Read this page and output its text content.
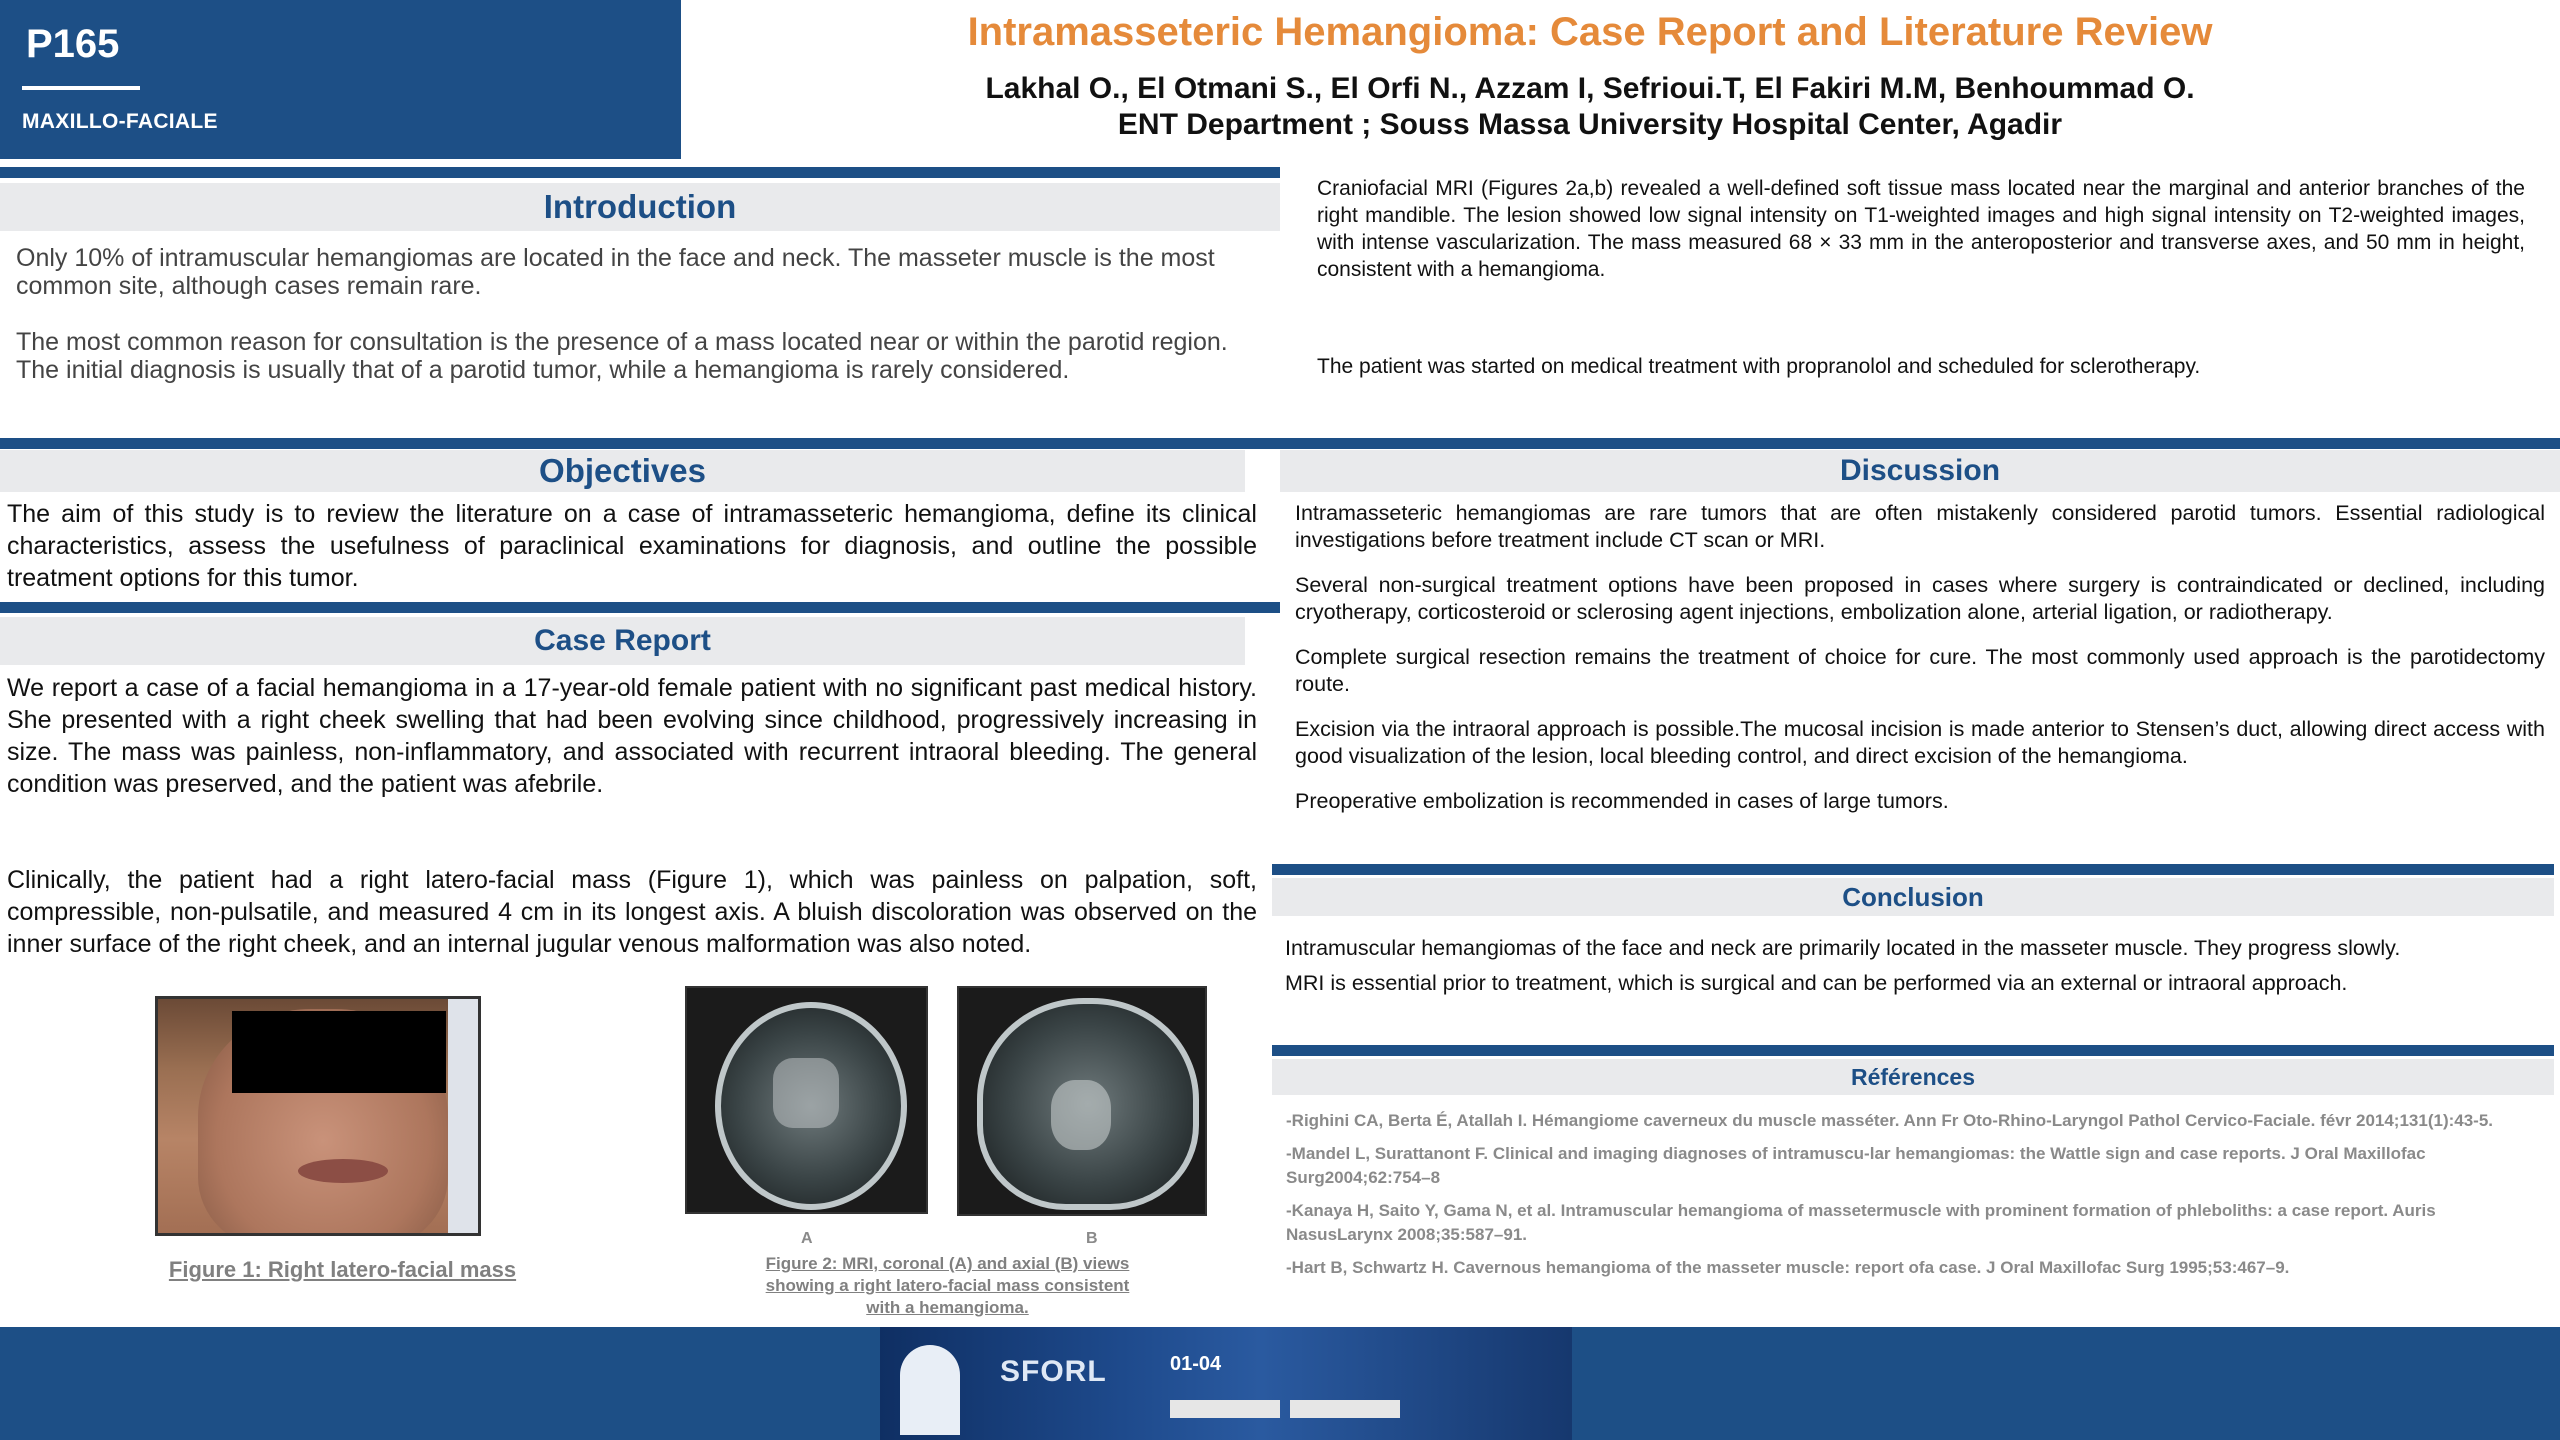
P165
MAXILLO-FACIALE
Intramasseteric Hemangioma: Case Report and Literature Review
Lakhal O., El Otmani S., El Orfi N., Azzam I, Sefrioui.T, El Fakiri M.M, Benhoummad O.
ENT Department ; Souss Massa University Hospital Center, Agadir
Introduction

Only 10% of intramuscular hemangiomas are located in the face and neck. The masseter muscle is the most common site, although cases remain rare.

The most common reason for consultation is the presence of a mass located near or within the parotid region. The initial diagnosis is usually that of a parotid tumor, while a hemangioma is rarely considered.

Craniofacial MRI (Figures 2a,b) revealed a well-defined soft tissue mass located near the marginal and anterior branches of the right mandible. The lesion showed low signal intensity on T1-weighted images and high signal intensity on T2-weighted images, with intense vascularization. The mass measured 68 × 33 mm in the anteroposterior and transverse axes, and 50 mm in height, consistent with a hemangioma.

The patient was started on medical treatment with propranolol and scheduled for sclerotherapy.

Objectives

The aim of this study is to review the literature on a case of intramasseteric hemangioma, define its clinical characteristics, assess the usefulness of paraclinical examinations for diagnosis, and outline the possible treatment options for this tumor.

Case Report

We report a case of a facial hemangioma in a 17-year-old female patient with no significant past medical history. She presented with a right cheek swelling that had been evolving since childhood, progressively increasing in size. The mass was painless, non-inflammatory, and associated with recurrent intraoral bleeding. The general condition was preserved, and the patient was afebrile.

Clinically, the patient had a right latero-facial mass (Figure 1), which was painless on palpation, soft, compressible, non-pulsatile, and measured 4 cm in its longest axis. A bluish discoloration was observed on the inner surface of the right cheek, and an internal jugular venous malformation was also noted.

Figure 1: Right latero-facial mass
A	B
Figure 2: MRI, coronal (A) and axial (B) views
showing a right latero-facial mass consistent
with a hemangioma.
Discussion

Intramasseteric hemangiomas are rare tumors that are often mistakenly considered parotid tumors. Essential radiological investigations before treatment include CT scan or MRI.

Several non-surgical treatment options have been proposed in cases where surgery is contraindicated or declined, including cryotherapy, corticosteroid or sclerosing agent injections, embolization alone, arterial ligation, or radiotherapy.

Complete surgical resection remains the treatment of choice for cure. The most commonly used approach is the parotidectomy route.

Excision via the intraoral approach is possible.The mucosal incision is made anterior to Stensen’s duct, allowing direct access with good visualization of the lesion, local bleeding control, and direct excision of the hemangioma.

Preoperative embolization is recommended in cases of large tumors.

Conclusion

Intramuscular hemangiomas of the face and neck are primarily located in the masseter muscle. They progress slowly.

MRI is essential prior to treatment, which is surgical and can be performed via an external or intraoral approach.

Références

-Righini CA, Berta É, Atallah I. Hémangiome caverneux du muscle masséter. Ann Fr Oto-Rhino-Laryngol Pathol Cervico-Faciale. févr 2014;131(1):43-5.

-Mandel L, Surattanont F. Clinical and imaging diagnoses of intramuscu-lar hemangiomas: the Wattle sign and case reports. J Oral Maxillofac Surg2004;62:754–8

-Kanaya H, Saito Y, Gama N, et al. Intramuscular hemangioma of massetermuscle with prominent formation of phleboliths: a case report. Auris NasusLarynx 2008;35:587–91.

-Hart B, Schwartz H. Cavernous hemangioma of the masseter muscle: report ofa case. J Oral Maxillofac Surg 1995;53:467–9.

SFORL	01-04
